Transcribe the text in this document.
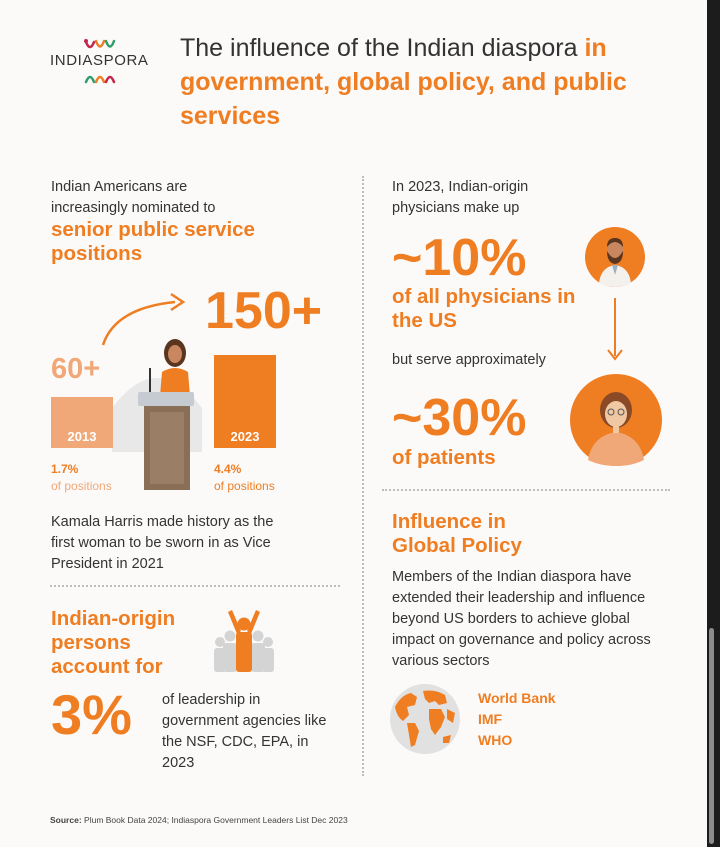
INDIASPORA The influence of the Indian diaspora in government, global policy, and public services
Indian Americans are increasingly nominated to
senior public service positions
150+
60+
2013	2023
1.7%
of positions
4.4%
of positions
Kamala Harris made history as the first woman to be sworn in as Vice President in 2021
Indian-origin persons account for
3% of leadership in government agencies like the NSF, CDC, EPA, in 2023
In 2023, Indian-origin physicians make up
~10%
of all physicians in the US
but serve approximately
~30%
of patients
Influence in Global Policy
Members of the Indian diaspora have extended their leadership and influence beyond US borders to achieve global impact on governance and policy across various sectors
World Bank
IMF
WHO
Source: Plum Book Data 2024; Indiaspora Government Leaders List Dec 2023
